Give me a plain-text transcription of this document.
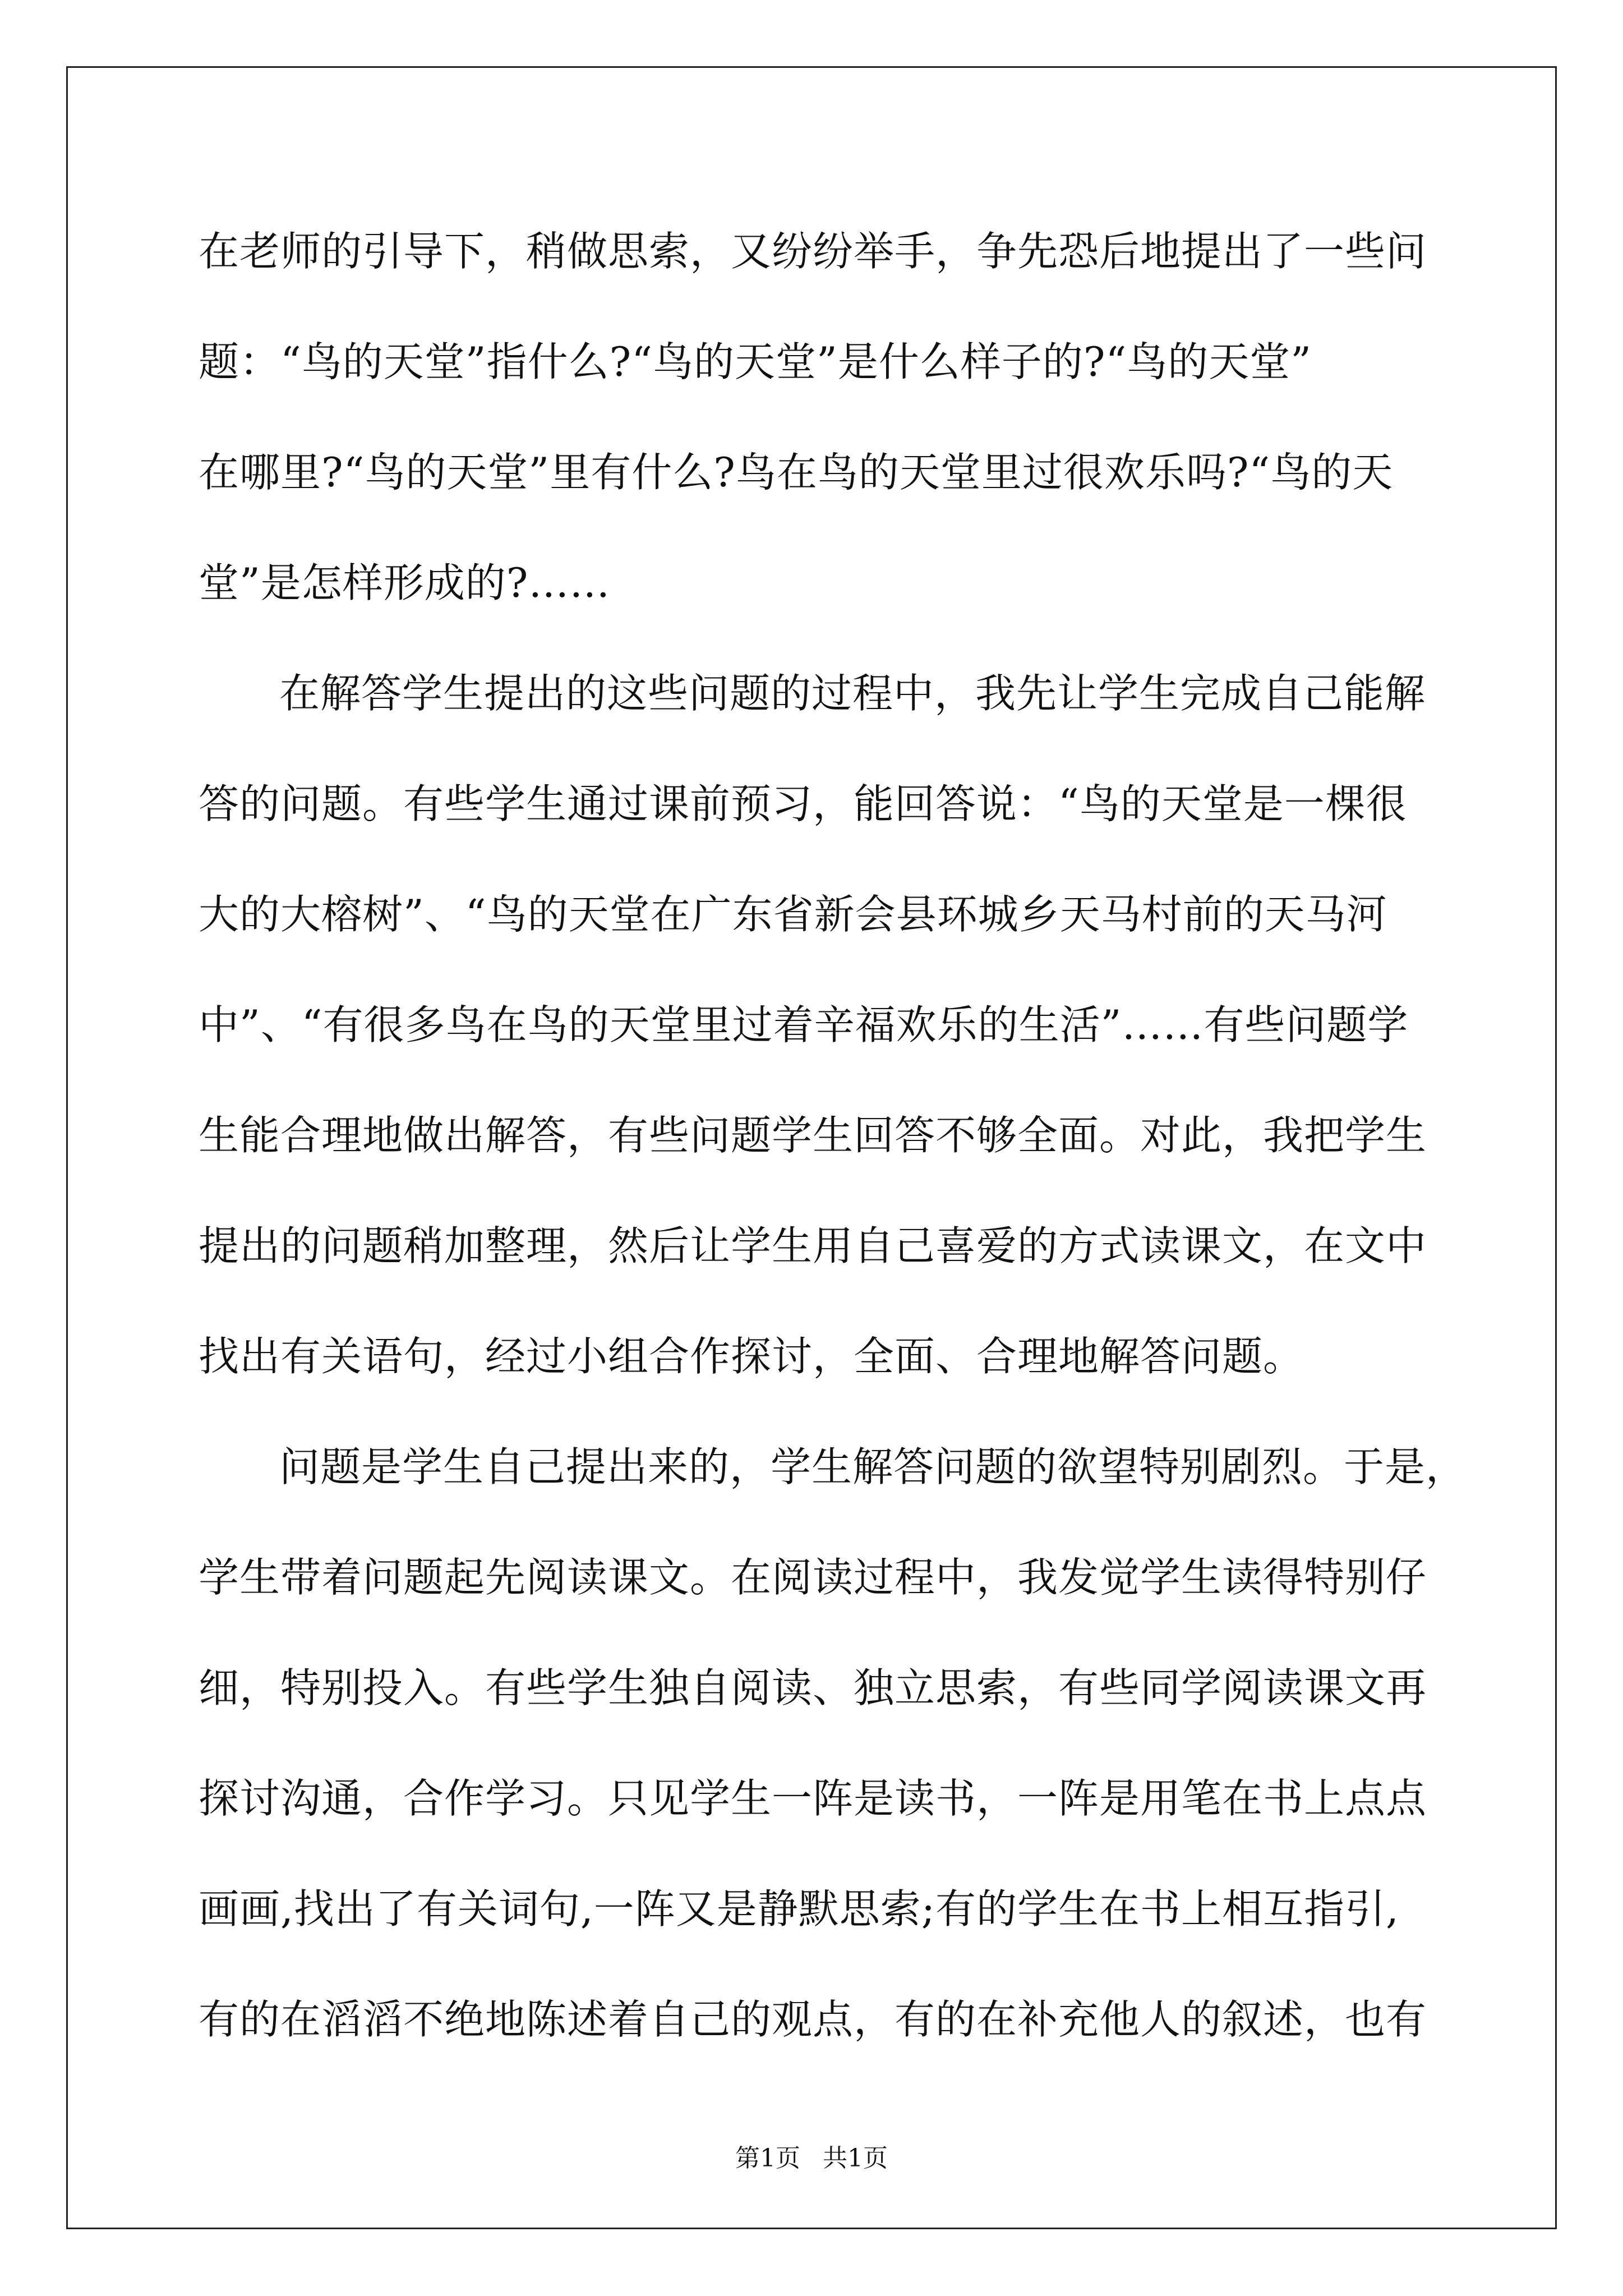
在老师的引导下，稍做思索，又纷纷举手，争先恐后地提出了一些问
题：“鸟的天堂”指什么?“鸟的天堂”是什么样子的?“鸟的天堂”
在哪里?“鸟的天堂”里有什么?鸟在鸟的天堂里过很欢乐吗?“鸟的天
堂”是怎样形成的?……
在解答学生提出的这些问题的过程中，我先让学生完成自己能解
答的问题。有些学生通过课前预习，能回答说：“鸟的天堂是一棵很
大的大榕树”、“鸟的天堂在广东省新会县环城乡天马村前的天马河
中”、“有很多鸟在鸟的天堂里过着辛福欢乐的生活”……有些问题学
生能合理地做出解答，有些问题学生回答不够全面。对此，我把学生
提出的问题稍加整理，然后让学生用自己喜爱的方式读课文，在文中
找出有关语句，经过小组合作探讨，全面、合理地解答问题。
问题是学生自己提出来的，学生解答问题的欲望特别剧烈。于是，
学生带着问题起先阅读课文。在阅读过程中，我发觉学生读得特别仔
细，特别投入。有些学生独自阅读、独立思索，有些同学阅读课文再
探讨沟通，合作学习。只见学生一阵是读书，一阵是用笔在书上点点
画画,找出了有关词句,一阵又是静默思索;有的学生在书上相互指引,
有的在滔滔不绝地陈述着自己的观点，有的在补充他人的叙述，也有
第1页 共1页
